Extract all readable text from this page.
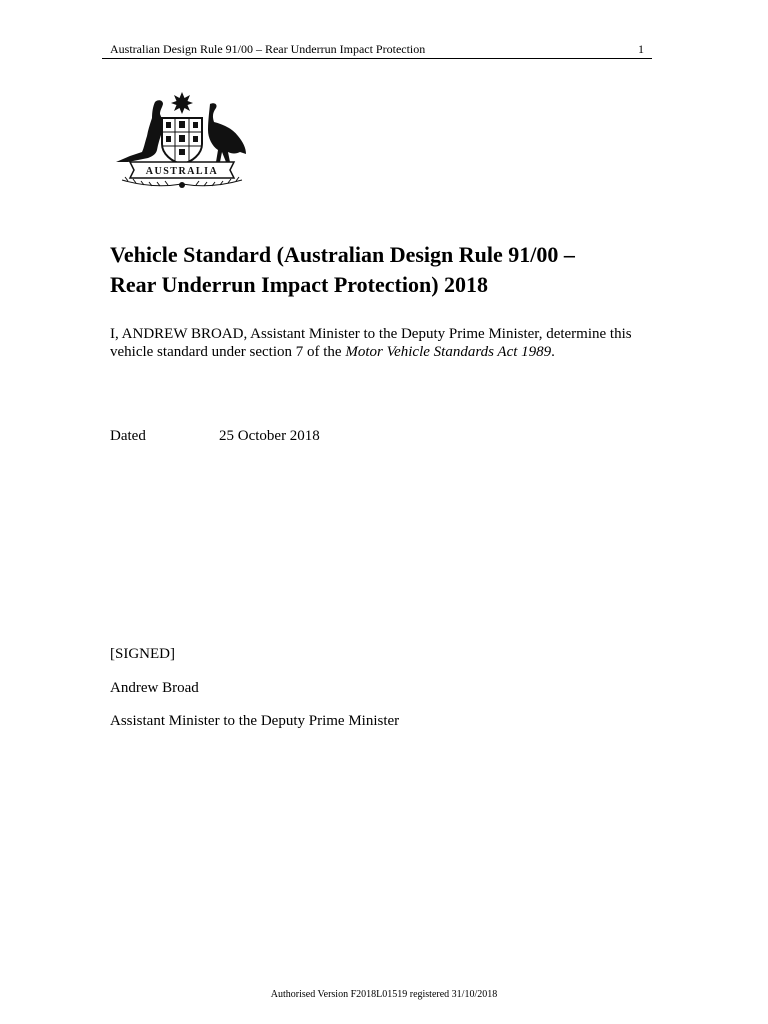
Australian Design Rule 91/00 – Rear Underrun Impact Protection	1
AUSTRALIA
Vehicle Standard (Australian Design Rule 91/00 –
Rear Underrun Impact Protection) 2018

I, ANDREW BROAD, Assistant Minister to the Deputy Prime Minister, determine this
vehicle standard under section 7 of the Motor Vehicle Standards Act 1989.

Dated	25 October 2018
[SIGNED]
Andrew Broad
Assistant Minister to the Deputy Prime Minister
Authorised Version F2018L01519 registered 31/10/2018
